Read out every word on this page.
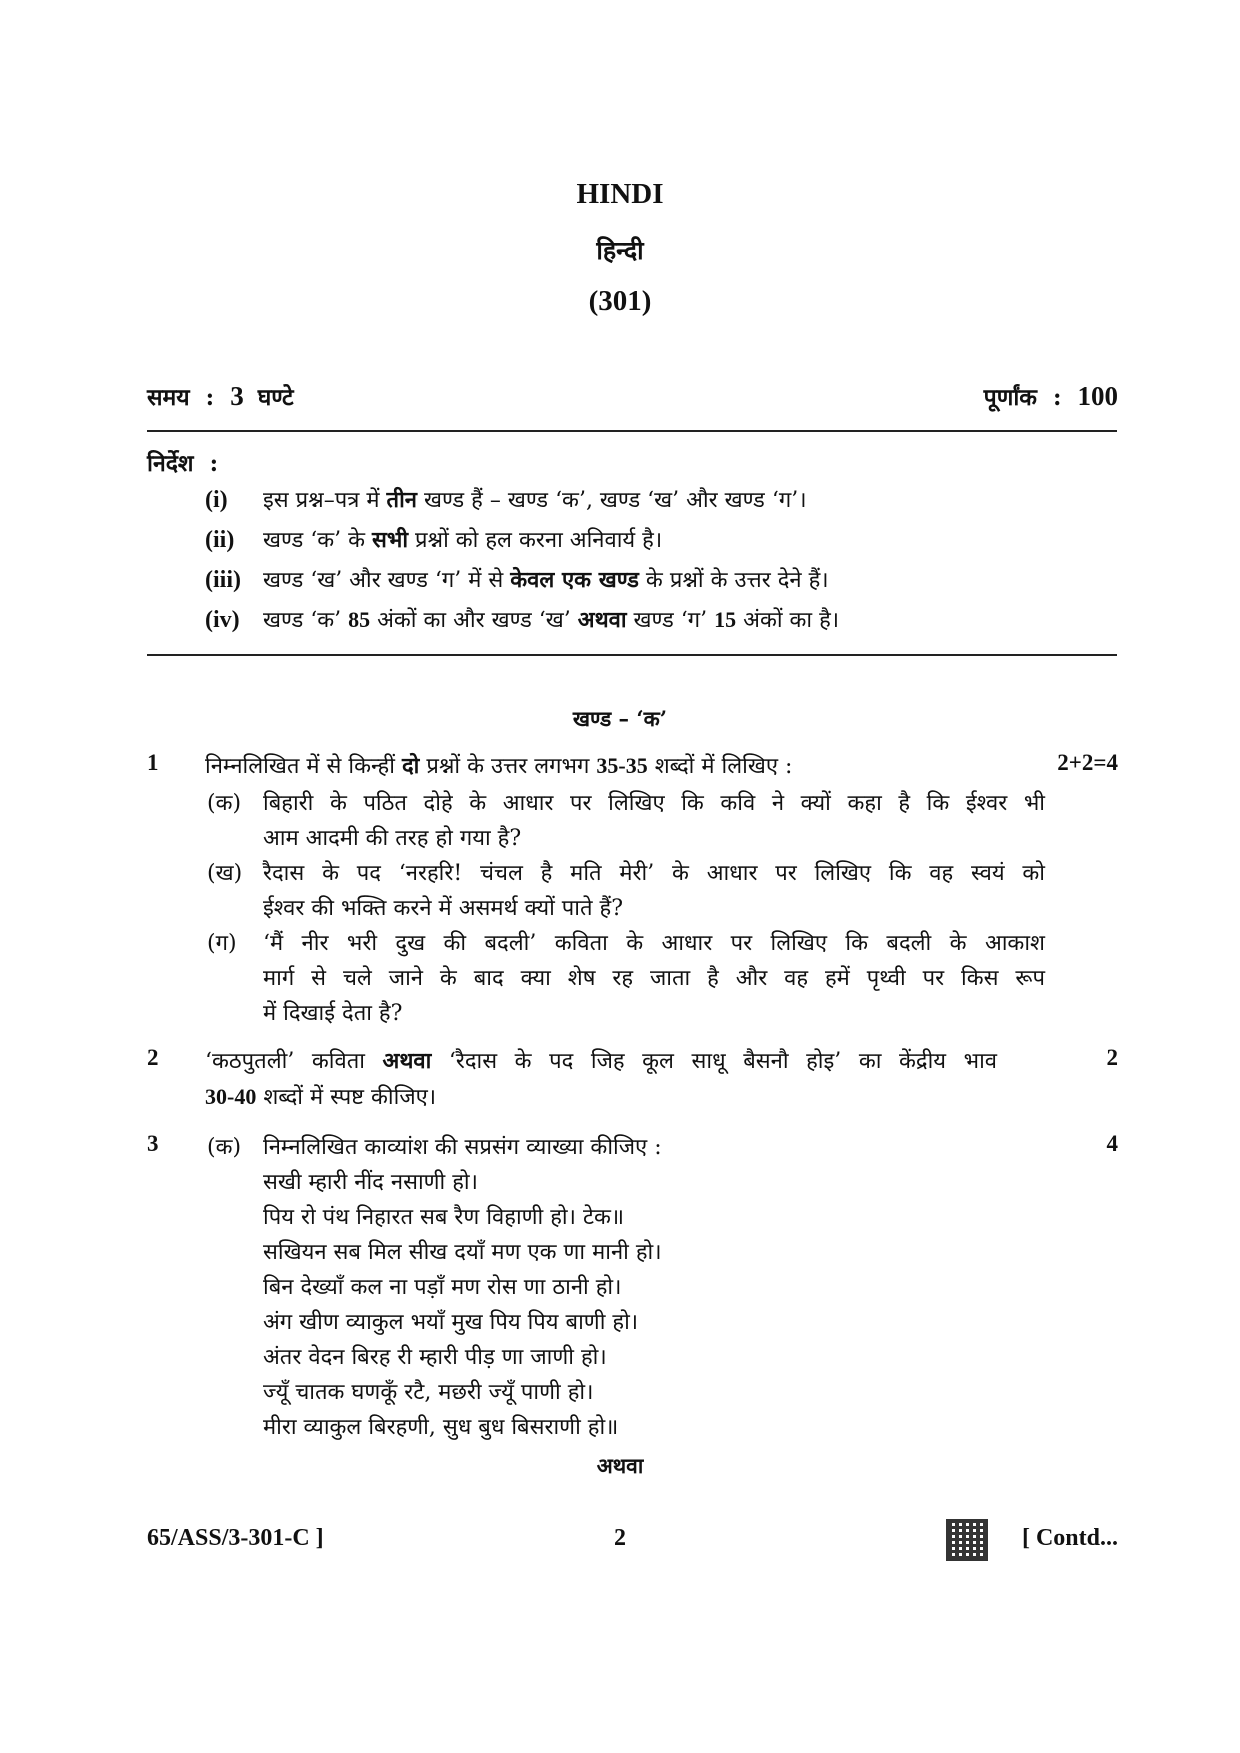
HINDI
हिन्दी
(301)
समय : 3 घण्टे	पूर्णांक : 100
निर्देश :
(i) इस प्रश्न–पत्र में तीन खण्ड हैं – खण्ड ‘क’, खण्ड ‘ख’ और खण्ड ‘ग’।
(ii) खण्ड ‘क’ के सभी प्रश्नों को हल करना अनिवार्य है।
(iii) खण्ड ‘ख’ और खण्ड ‘ग’ में से केवल एक खण्ड के प्रश्नों के उत्तर देने हैं।
(iv) खण्ड ‘क’ 85 अंकों का और खण्ड ‘ख’ अथवा खण्ड ‘ग’ 15 अंकों का है।
खण्ड – ‘क’
1 निम्नलिखित में से किन्हीं दो प्रश्नों के उत्तर लगभग 35-35 शब्दों में लिखिए :	2+2=4
(क) बिहारी के पठित दोहे के आधार पर लिखिए कि कवि ने क्यों कहा है कि ईश्वर भी
आम आदमी की तरह हो गया है?
(ख) रैदास के पद ‘नरहरि! चंचल है मति मेरी’ के आधार पर लिखिए कि वह स्वयं को
ईश्वर की भक्ति करने में असमर्थ क्यों पाते हैं?
(ग) ‘मैं नीर भरी दुख की बदली’ कविता के आधार पर लिखिए कि बदली के आकाश
मार्ग से चले जाने के बाद क्या शेष रह जाता है और वह हमें पृथ्वी पर किस रूप
में दिखाई देता है?
2 ‘कठपुतली’ कविता अथवा ‘रैदास के पद जिह कूल साधू बैसनौ होइ’ का केंद्रीय भाव	2
30-40 शब्दों में स्पष्ट कीजिए।
3 (क) निम्नलिखित काव्यांश की सप्रसंग व्याख्या कीजिए :	4
सखी म्हारी नींद नसाणी हो।
पिय रो पंथ निहारत सब रैण विहाणी हो। टेक॥
सखियन सब मिल सीख दयाँ मण एक णा मानी हो।
बिन देख्याँ कल ना पड़ाँ मण रोस णा ठानी हो।
अंग खीण व्याकुल भयाँ मुख पिय पिय बाणी हो।
अंतर वेदन बिरह री म्हारी पीड़ णा जाणी हो।
ज्यूँ चातक घणकूँ रटै, मछरी ज्यूँ पाणी हो।
मीरा व्याकुल बिरहणी, सुध बुध बिसराणी हो॥
अथवा
65/ASS/3-301-C ]	2	[ Contd...
